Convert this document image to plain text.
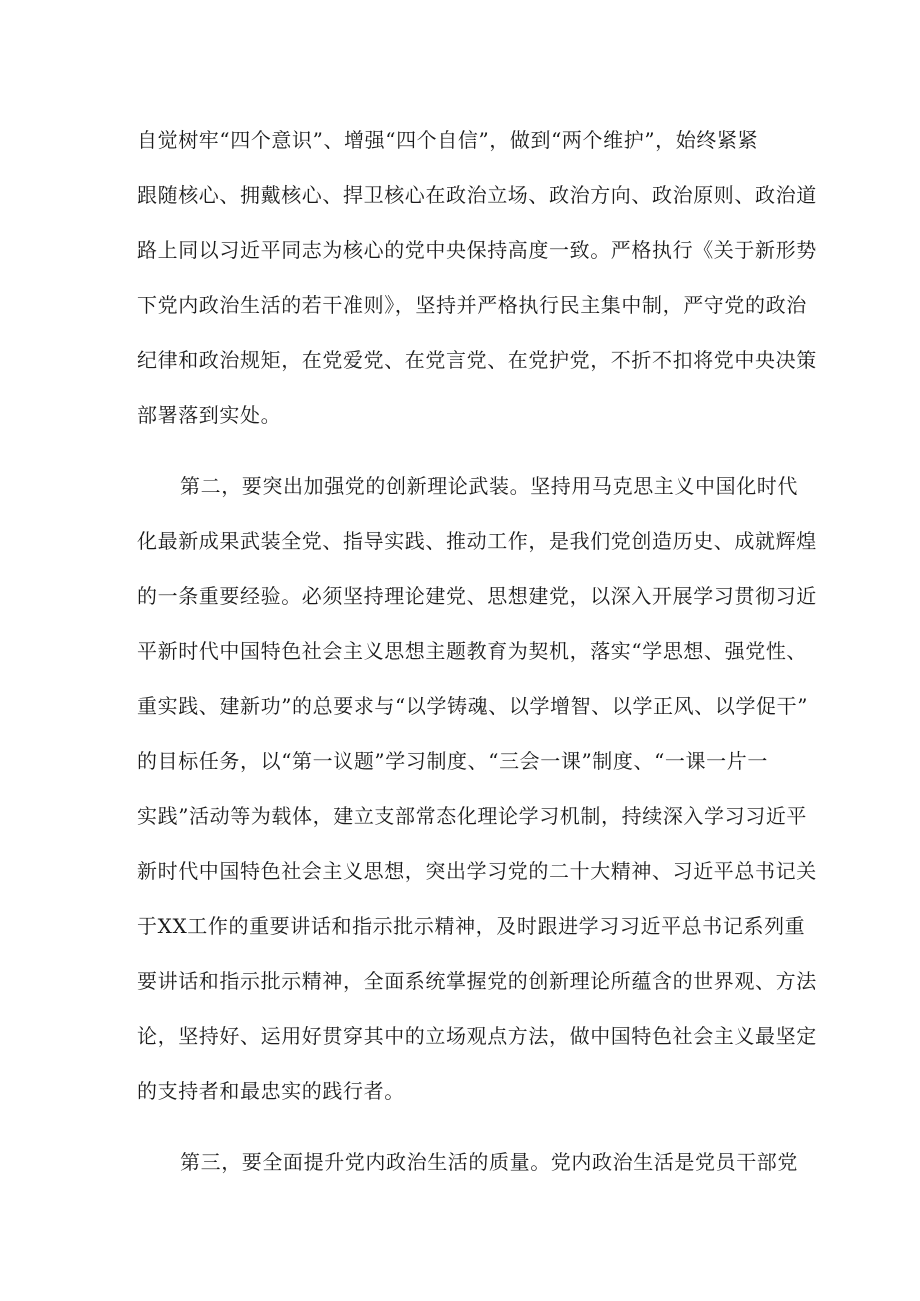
自觉树牢“四个意识”、增强“四个自信”，做到“两个维护”，始终紧紧
跟随核心、拥戴核心、捍卫核心在政治立场、政治方向、政治原则、政治道
路上同以习近平同志为核心的党中央保持高度一致。严格执行《关于新形势
下党内政治生活的若干准则》，坚持并严格执行民主集中制，严守党的政治
纪律和政治规矩，在党爱党、在党言党、在党护党，不折不扣将党中央决策
部署落到实处。
第二，要突出加强党的创新理论武装。坚持用马克思主义中国化时代
化最新成果武装全党、指导实践、推动工作，是我们党创造历史、成就辉煌
的一条重要经验。必须坚持理论建党、思想建党，以深入开展学习贯彻习近
平新时代中国特色社会主义思想主题教育为契机，落实“学思想、强党性、
重实践、建新功”的总要求与“以学铸魂、以学增智、以学正风、以学促干”
的目标任务，以“第一议题”学习制度、“三会一课”制度、“一课一片一
实践”活动等为载体，建立支部常态化理论学习机制，持续深入学习习近平
新时代中国特色社会主义思想，突出学习党的二十大精神、习近平总书记关
于XX工作的重要讲话和指示批示精神，及时跟进学习习近平总书记系列重
要讲话和指示批示精神，全面系统掌握党的创新理论所蕴含的世界观、方法
论，坚持好、运用好贯穿其中的立场观点方法，做中国特色社会主义最坚定
的支持者和最忠实的践行者。
第三，要全面提升党内政治生活的质量。党内政治生活是党员干部党
